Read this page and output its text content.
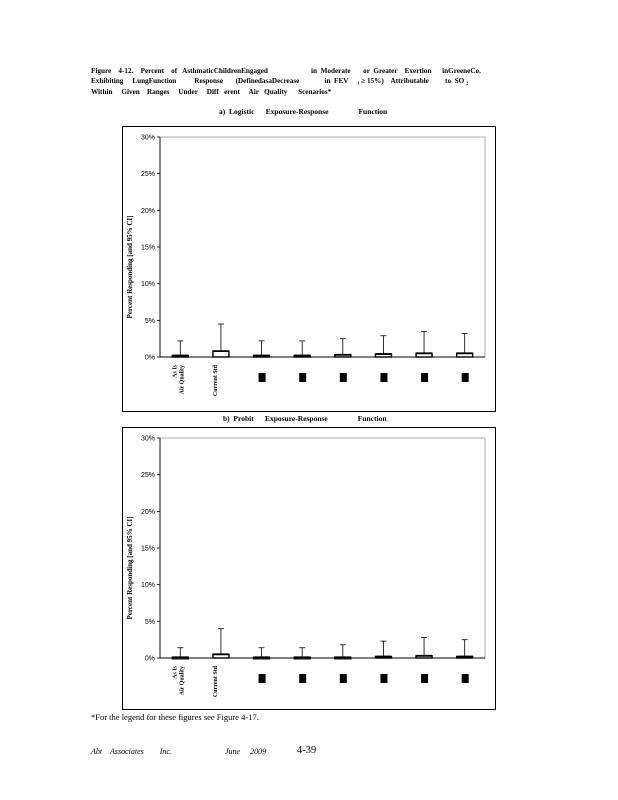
Figure    4-12.    Percent    of   AsthmaticChildrenEngaged                        in  Moderate       or  Greater    Exertion      inGreeneCo.
Exhibiting     LungFunction          Response       (DefinedasaDecrease              in  FEV     ₁ ≥ 15%)    Attributable         to  SO ₂
Within     Given    Ranges     Under     Diff   erent     Air   Quality      Scenarios*
a)  Logistic      Exposure-Response                Function
0%
5%
10%
15%
20%
25%
30%
Percent Responding [and 95% CI]
As Is Air Quality	Current Std
b)  Probit      Exposure-Response                Function
0%
5%
10%
15%
20%
25%
30%
Percent Responding [and 95% CI]
As Is Air Quality	Current Std
*For the legend for these figures see Figure 4-17.
Abt    Associates        Inc.	June     2009	4-39
